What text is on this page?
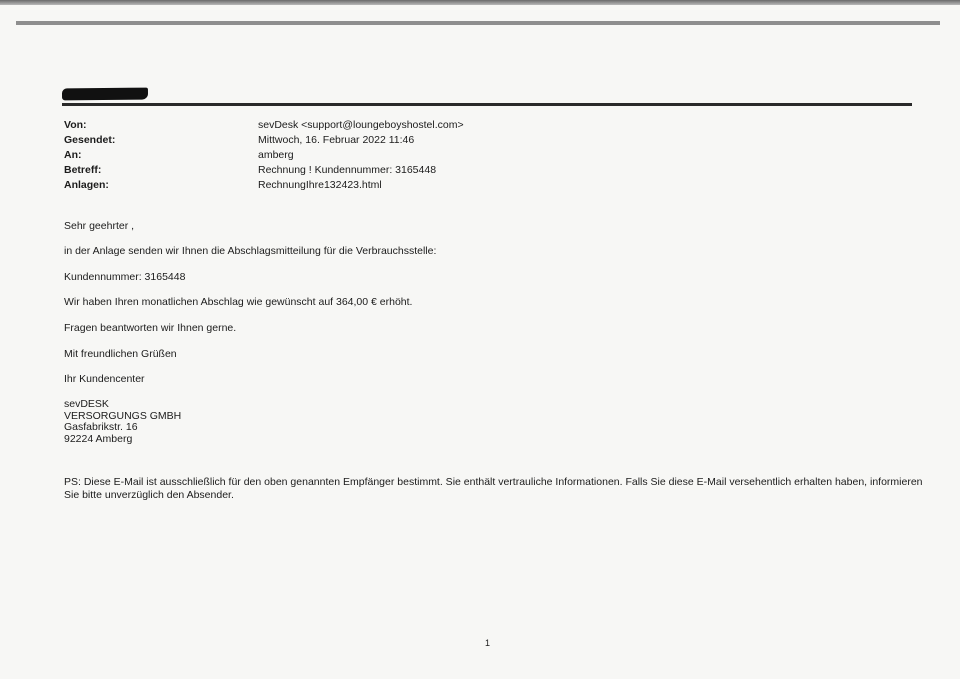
Von:	sevDesk <support@loungeboyshostel.com>
Gesendet:	Mittwoch, 16. Februar 2022 11:46
An:	amberg
Betreff:	Rechnung ! Kundennummer: 3165448
Anlagen:	RechnungIhre132423.html
Sehr geehrter ,
in der Anlage senden wir Ihnen die Abschlagsmitteilung für die Verbrauchsstelle:
Kundennummer: 3165448
Wir haben Ihren monatlichen Abschlag wie gewünscht auf 364,00 € erhöht.
Fragen beantworten wir Ihnen gerne.
Mit freundlichen Grüßen
Ihr Kundencenter
sevDESK
VERSORGUNGS GMBH
Gasfabrikstr. 16
92224 Amberg
PS: Diese E-Mail ist ausschließlich für den oben genannten Empfänger bestimmt. Sie enthält vertrauliche Informationen. Falls Sie diese E-Mail versehentlich erhalten haben, informieren Sie bitte unverzüglich den Absender.
1
